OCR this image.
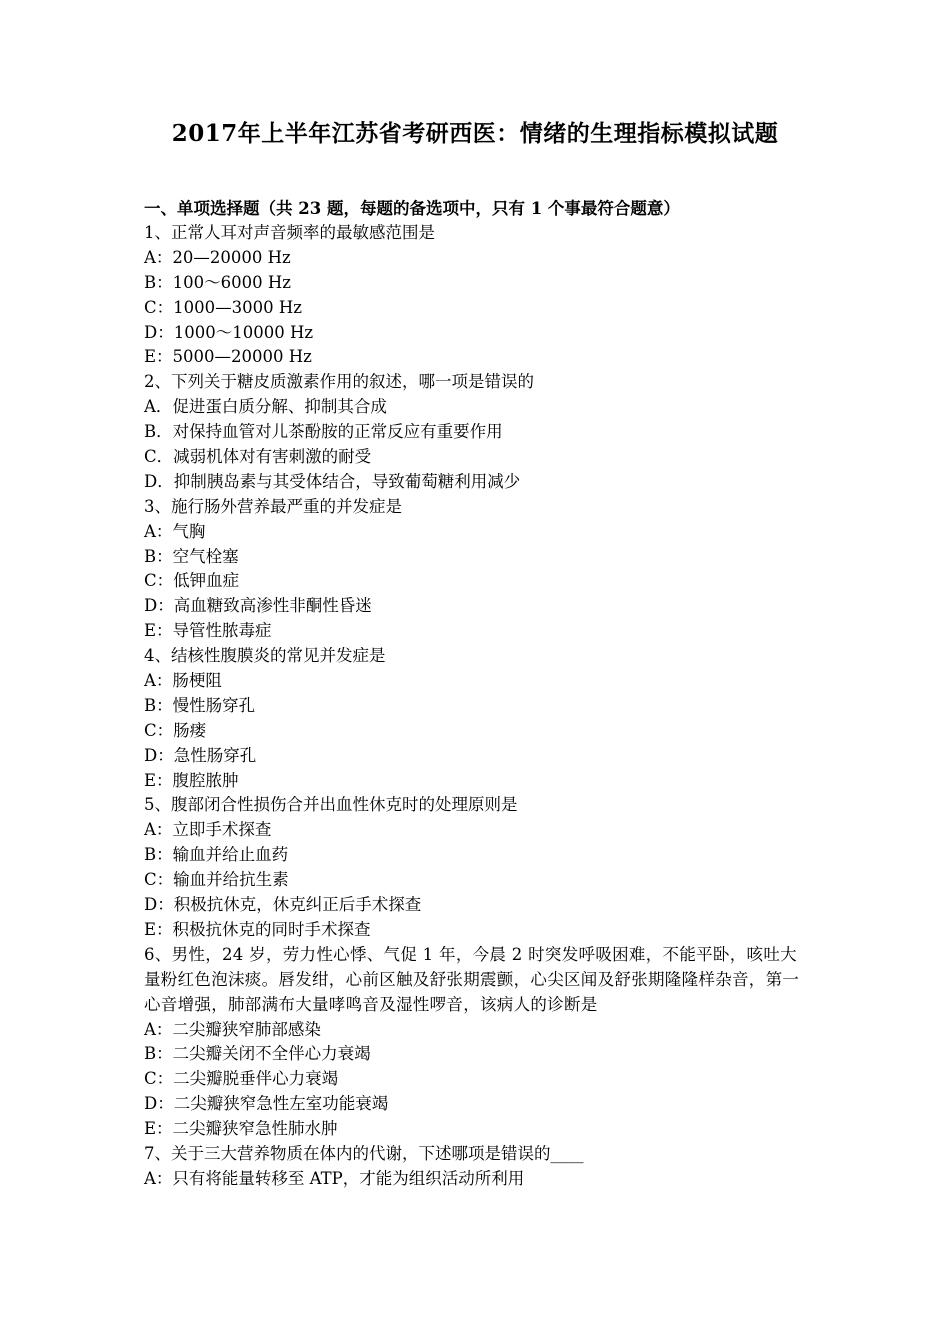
2017年上半年江苏省考研西医：情绪的生理指标模拟试题
一、单项选择题（共 23 题，每题的备选项中，只有 1 个事最符合题意）
1、正常人耳对声音频率的最敏感范围是
A：20—20000 Hz
B：100～6000 Hz
C：1000—3000 Hz
D：1000～10000 Hz
E：5000—20000 Hz
2、下列关于糖皮质激素作用的叙述，哪一项是错误的
A．促进蛋白质分解、抑制其合成
B．对保持血管对儿茶酚胺的正常反应有重要作用
C．减弱机体对有害刺激的耐受
D．抑制胰岛素与其受体结合，导致葡萄糖利用减少
3、施行肠外营养最严重的并发症是
A：气胸
B：空气栓塞
C：低钾血症
D：高血糖致高渗性非酮性昏迷
E：导管性脓毒症
4、结核性腹膜炎的常见并发症是
A：肠梗阻
B：慢性肠穿孔
C：肠瘘
D：急性肠穿孔
E：腹腔脓肿
5、腹部闭合性损伤合并出血性休克时的处理原则是
A：立即手术探查
B：输血并给止血药
C：输血并给抗生素
D：积极抗休克，休克纠正后手术探查
E：积极抗休克的同时手术探查
6、男性，24 岁，劳力性心悸、气促 1 年，今晨 2 时突发呼吸困难，不能平卧，咳吐大量粉红色泡沫痰。唇发绀，心前区触及舒张期震颤，心尖区闻及舒张期隆隆样杂音，第一心音增强，肺部满布大量哮鸣音及湿性啰音，该病人的诊断是
A：二尖瓣狭窄肺部感染
B：二尖瓣关闭不全伴心力衰竭
C：二尖瓣脱垂伴心力衰竭
D：二尖瓣狭窄急性左室功能衰竭
E：二尖瓣狭窄急性肺水肿
7、关于三大营养物质在体内的代谢，下述哪项是错误的____
A：只有将能量转移至 ATP，才能为组织活动所利用
